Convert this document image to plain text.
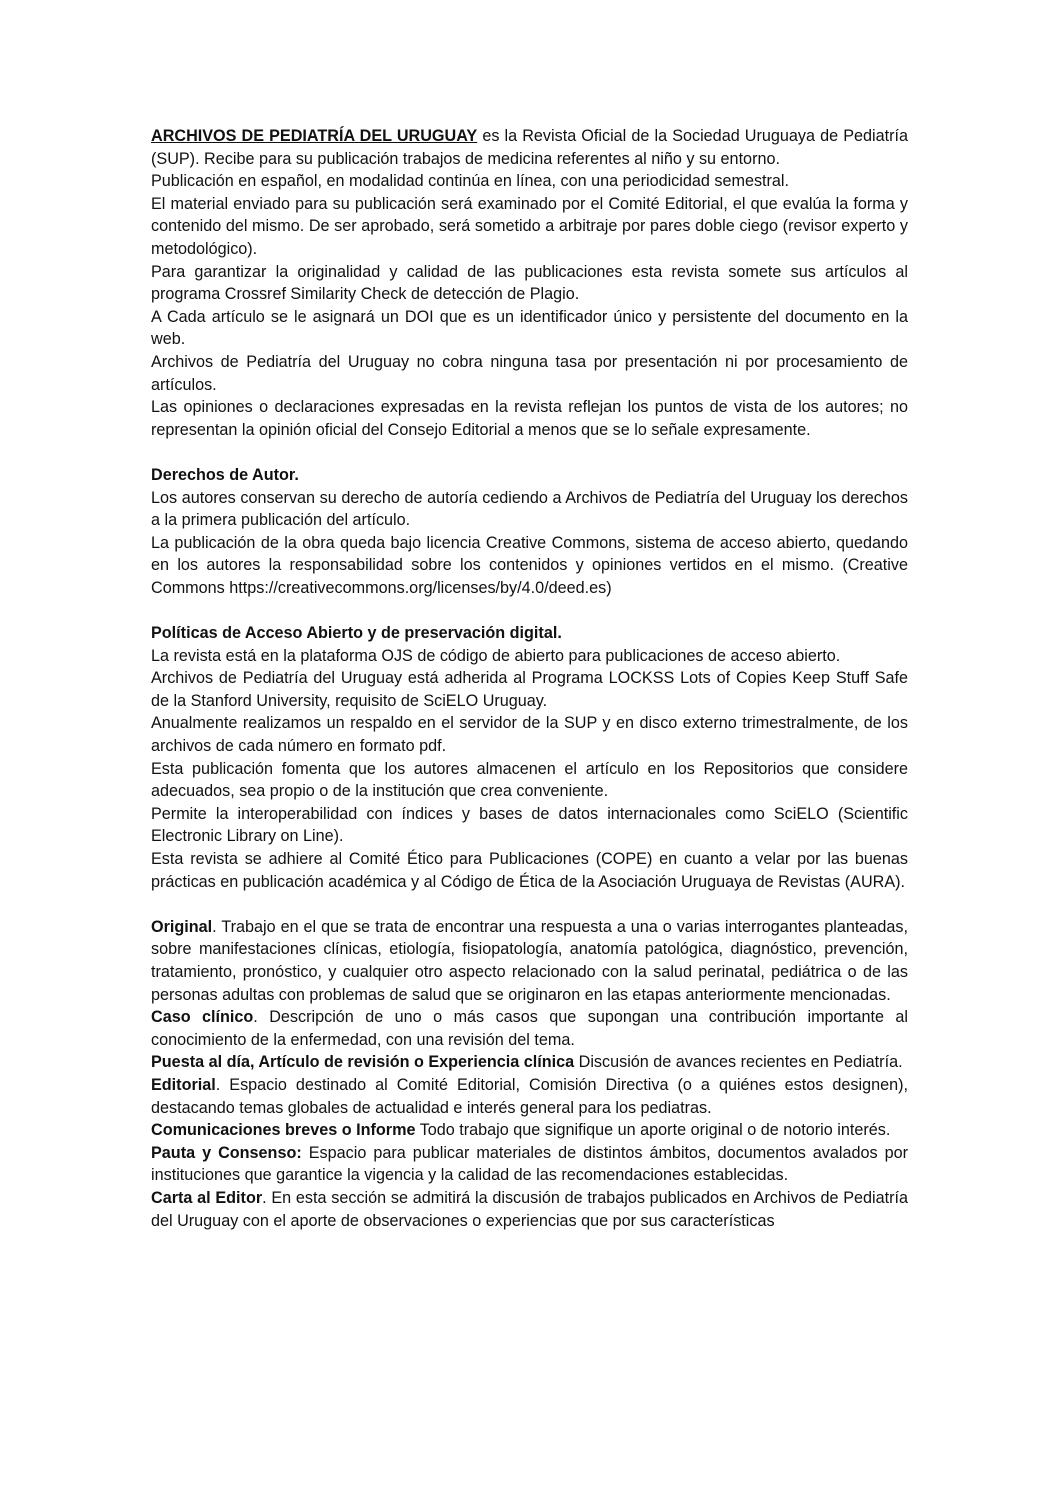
ARCHIVOS DE PEDIATRÍA DEL URUGUAY es la Revista Oficial de la Sociedad Uruguaya de Pediatría (SUP). Recibe para su publicación trabajos de medicina referentes al niño y su entorno.

Publicación en español, en modalidad continúa en línea, con una periodicidad semestral.

El material enviado para su publicación será examinado por el Comité Editorial, el que evalúa la forma y contenido del mismo. De ser aprobado, será sometido a arbitraje por pares doble ciego (revisor experto y metodológico).

Para garantizar la originalidad y calidad de las publicaciones esta revista somete sus artículos al programa Crossref Similarity Check de detección de Plagio.

A Cada artículo se le asignará un DOI que es un identificador único y persistente del documento en la web.

Archivos de Pediatría del Uruguay no cobra ninguna tasa por presentación ni por procesamiento de artículos.

Las opiniones o declaraciones expresadas en la revista reflejan los puntos de vista de los autores; no representan la opinión oficial del Consejo Editorial a menos que se lo señale expresamente.

Derechos de Autor.

Los autores conservan su derecho de autoría cediendo a Archivos de Pediatría del Uruguay los derechos a la primera publicación del artículo.

La publicación de la obra queda bajo licencia Creative Commons, sistema de acceso abierto, quedando en los autores la responsabilidad sobre los contenidos y opiniones vertidos en el mismo. (Creative Commons https://creativecommons.org/licenses/by/4.0/deed.es)

Políticas de Acceso Abierto y de preservación digital.

La revista está en la plataforma OJS de código de abierto para publicaciones de acceso abierto.

Archivos de Pediatría del Uruguay está adherida al Programa LOCKSS Lots of Copies Keep Stuff Safe de la Stanford University, requisito de SciELO Uruguay.

Anualmente realizamos un respaldo en el servidor de la SUP y en disco externo trimestralmente, de los archivos de cada número en formato pdf.

Esta publicación fomenta que los autores almacenen el artículo en los Repositorios que considere adecuados, sea propio o de la institución que crea conveniente.

Permite la interoperabilidad con índices y bases de datos internacionales como SciELO (Scientific Electronic Library on Line).

Esta revista se adhiere al Comité Ético para Publicaciones (COPE) en cuanto a velar por las buenas prácticas en publicación académica y al Código de Ética de la Asociación Uruguaya de Revistas (AURA).

Original. Trabajo en el que se trata de encontrar una respuesta a una o varias interrogantes planteadas, sobre manifestaciones clínicas, etiología, fisiopatología, anatomía patológica, diagnóstico, prevención, tratamiento, pronóstico, y cualquier otro aspecto relacionado con la salud perinatal, pediátrica o de las personas adultas con problemas de salud que se originaron en las etapas anteriormente mencionadas.

Caso clínico. Descripción de uno o más casos que supongan una contribución importante al conocimiento de la enfermedad, con una revisión del tema.

Puesta al día, Artículo de revisión o Experiencia clínica Discusión de avances recientes en Pediatría.

Editorial. Espacio destinado al Comité Editorial, Comisión Directiva (o a quiénes estos designen), destacando temas globales de actualidad e interés general para los pediatras.

Comunicaciones breves o Informe Todo trabajo que signifique un aporte original o de notorio interés.

Pauta y Consenso: Espacio para publicar materiales de distintos ámbitos, documentos avalados por instituciones que garantice la vigencia y la calidad de las recomendaciones establecidas.

Carta al Editor. En esta sección se admitirá la discusión de trabajos publicados en Archivos de Pediatría del Uruguay con el aporte de observaciones o experiencias que por sus características
